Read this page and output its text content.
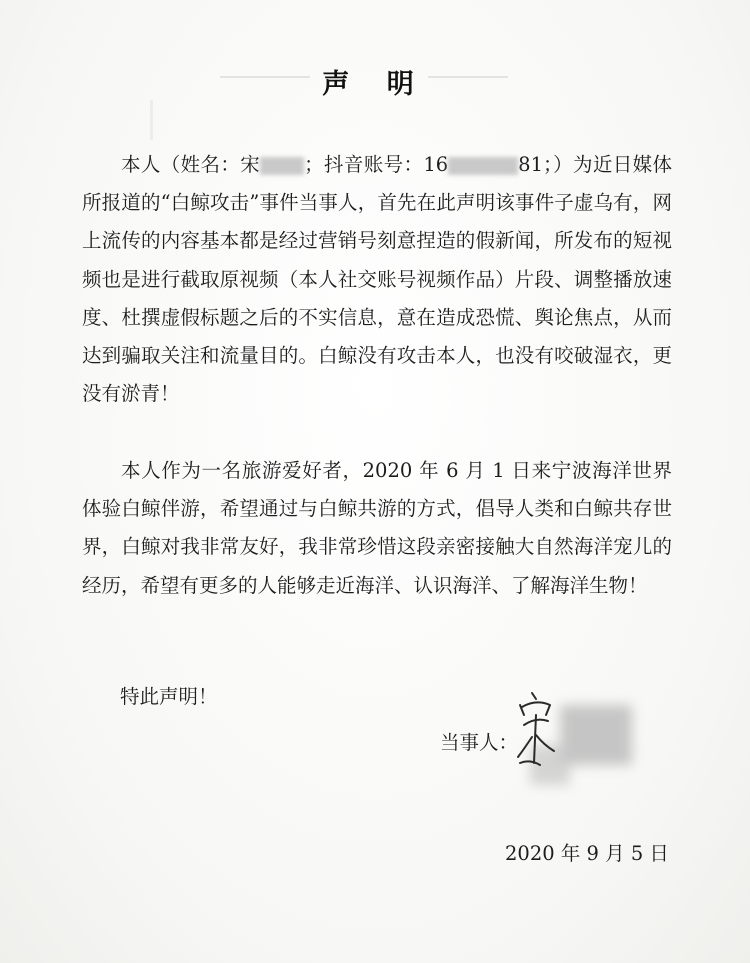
声 明
本人（姓名：宋 ；抖音账号：16	81；）为近日媒体所报道的“白鲸攻击”事件当事人，首先在此声明该事件子虚乌有，网上流传的内容基本都是经过营销号刻意捏造的假新闻，所发布的短视频也是进行截取原视频（本人社交账号视频作品）片段、调整播放速度、杜撰虚假标题之后的不实信息，意在造成恐慌、舆论焦点，从而达到骗取关注和流量目的。白鲸没有攻击本人，也没有咬破湿衣，更没有淤青！
本人作为一名旅游爱好者，2020 年 6 月 1 日来宁波海洋世界体验白鲸伴游，希望通过与白鲸共游的方式，倡导人类和白鲸共存世界，白鲸对我非常友好，我非常珍惜这段亲密接触大自然海洋宠儿的经历，希望有更多的人能够走近海洋、认识海洋、了解海洋生物！
特此声明！
当事人：
2020 年 9 月 5 日
